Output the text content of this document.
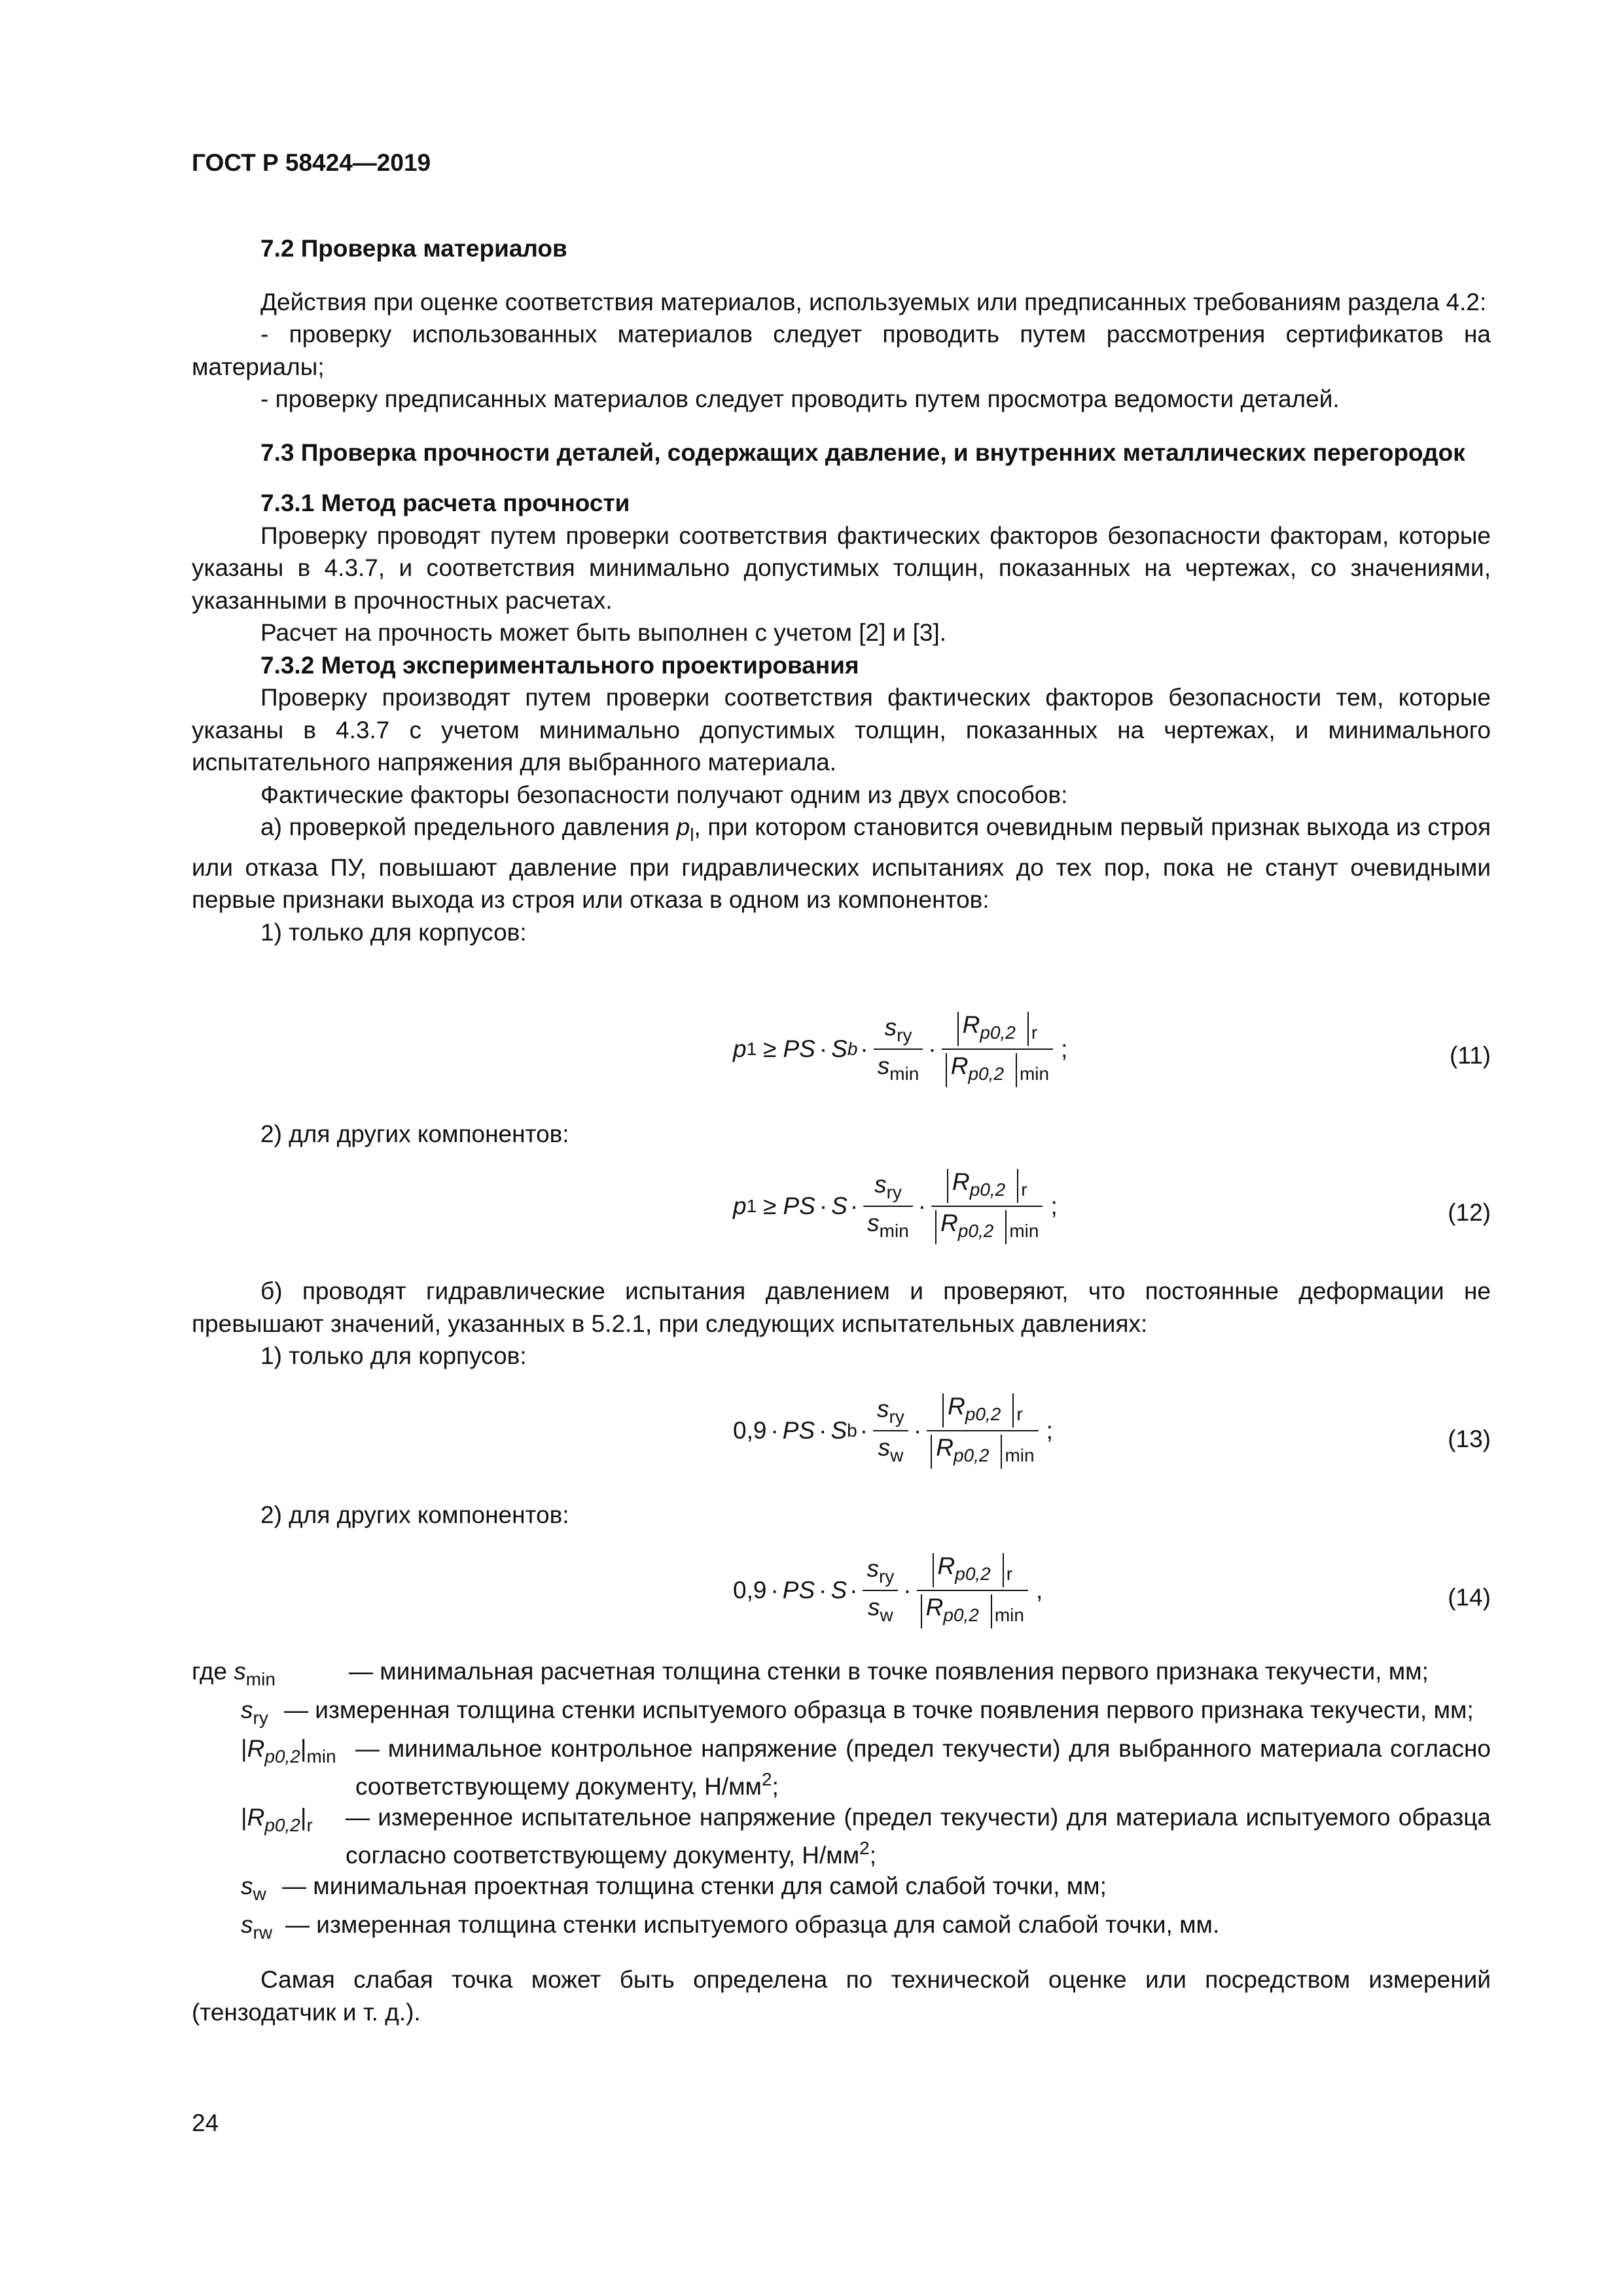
ГОСТ Р 58424—2019

7.2 Проверка материалов

Действия при оценке соответствия материалов, используемых или предписанных требованиям раздела 4.2:

- проверку использованных материалов следует проводить путем рассмотрения сертификатов на материалы;

- проверку предписанных материалов следует проводить путем просмотра ведомости деталей.

7.3 Проверка прочности деталей, содержащих давление, и внутренних металлических перегородок

7.3.1 Метод расчета прочности

Проверку проводят путем проверки соответствия фактических факторов безопасности факторам, которые указаны в 4.3.7, и соответствия минимально допустимых толщин, показанных на чертежах, со значениями, указанными в прочностных расчетах.

Расчет на прочность может быть выполнен с учетом [2] и [3].

7.3.2 Метод экспериментального проектирования

Проверку производят путем проверки соответствия фактических факторов безопасности тем, которые указаны в 4.3.7 с учетом минимально допустимых толщин, показанных на чертежах, и минимального испытательного напряжения для выбранного материала.

Фактические факторы безопасности получают одним из двух способов:

а) проверкой предельного давления $p_l$, при котором становится очевидным первый признак выхода из строя или отказа ПУ, повышают давление при гидравлических испытаниях до тех пор, пока не станут очевидными первые признаки выхода из строя или отказа в одном из компонентов:

1) только для корпусов:

p 1 ≥ PS · S $b \cdot \frac{s_{ry}}{s_{min}} \cdot \frac{R_{p0,2} _r}{R_{p0,2} _{min}}$ ;	(11)

2) для других компонентов:

p 1 ≥ PS · $S \cdot \frac{s_{ry}}{s_{min}} \cdot \frac{R_{p0,2} _r}{R_{p0,2} _{min}}$ ;	(12)

б) проводят гидравлические испытания давлением и проверяют, что постоянные деформации не превышают значений, указанных в 5.2.1, при следующих испытательных давлениях:

1) только для корпусов:

0,9 · PS · S $b \cdot \frac{s_{ry}}{s_w} \cdot \frac{R_{p0,2} _r}{R_{p0,2} _{min}}$ ;	(13)

2) для других компонентов:

0,9 · PS · $S \cdot \frac{s_{ry}}{s_w} \cdot \frac{R_{p0,2} _r}{R_{p0,2} _{min}}$ ,	(14)
где $s_{min}$	— минимальная расчетная толщина стенки в точке появления первого признака текучести, мм;
$s_{ry}$ — измеренная толщина стенки испытуемого образца в точке появления первого признака текучести, мм;
$|R_{p0,2}|_{min}$ — минимальное контрольное напряжение (предел текучести) для выбранного материала согласно соответствующему документу, $Н/мм^2$;
$|R_{p0,2}|_r$	— измеренное испытательное напряжение (предел текучести) для материала испытуемого образца согласно соответствующему документу, $Н/мм^2$;
$s_w$ — минимальная проектная толщина стенки для самой слабой точки, мм;
$s_{rw}$ — измеренная толщина стенки испытуемого образца для самой слабой точки, мм.

Самая слабая точка может быть определена по технической оценке или посредством измерений (тензодатчик и т. д.).

24
